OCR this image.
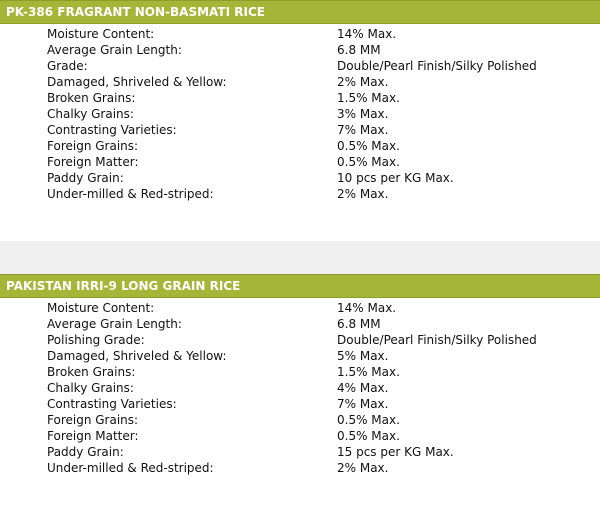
PK-386 FRAGRANT NON-BASMATI RICE
Moisture Content:	14% Max.
Average Grain Length:	6.8 MM
Grade:	Double/Pearl Finish/Silky Polished
Damaged, Shriveled & Yellow:	2% Max.
Broken Grains:	1.5% Max.
Chalky Grains:	3% Max.
Contrasting Varieties:	7% Max.
Foreign Grains:	0.5% Max.
Foreign Matter:	0.5% Max.
Paddy Grain:	10 pcs per KG Max.
Under-milled & Red-striped:	2% Max.
PAKISTAN IRRI-9 LONG GRAIN RICE
Moisture Content:	14% Max.
Average Grain Length:	6.8 MM
Polishing Grade:	Double/Pearl Finish/Silky Polished
Damaged, Shriveled & Yellow:	5% Max.
Broken Grains:	1.5% Max.
Chalky Grains:	4% Max.
Contrasting Varieties:	7% Max.
Foreign Grains:	0.5% Max.
Foreign Matter:	0.5% Max.
Paddy Grain:	15 pcs per KG Max.
Under-milled & Red-striped:	2% Max.
